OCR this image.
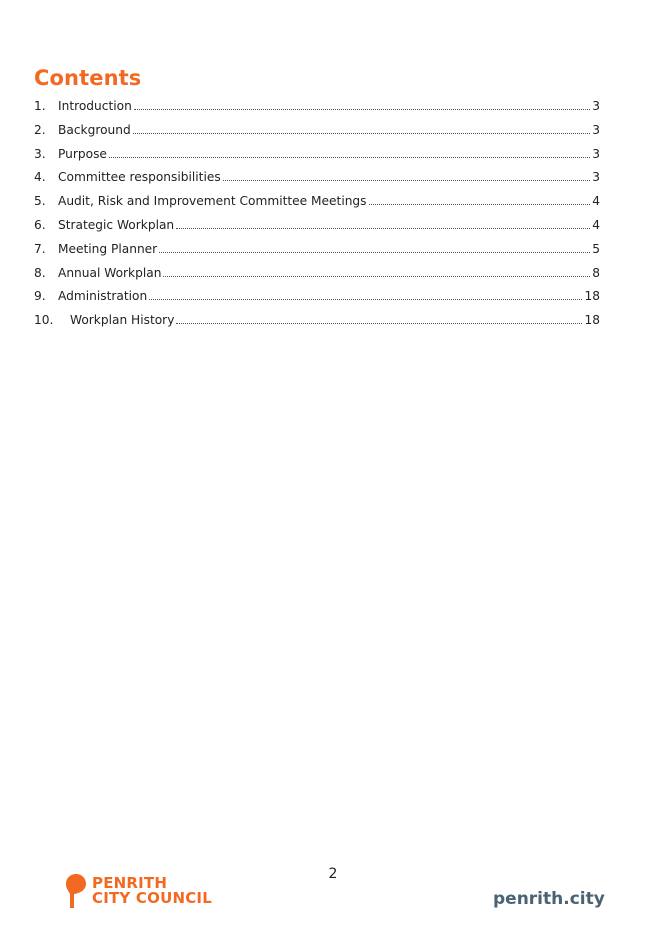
Contents
1.	Introduction	3
2.	Background	3
3.	Purpose	3
4.	Committee responsibilities	3
5.	Audit, Risk and Improvement Committee Meetings	4
6.	Strategic Workplan	4
7.	Meeting Planner	5
8.	Annual Workplan	8
9.	Administration	18
10.	Workplan History	18
2
PENRITH
CITY COUNCIL	penrith.city
